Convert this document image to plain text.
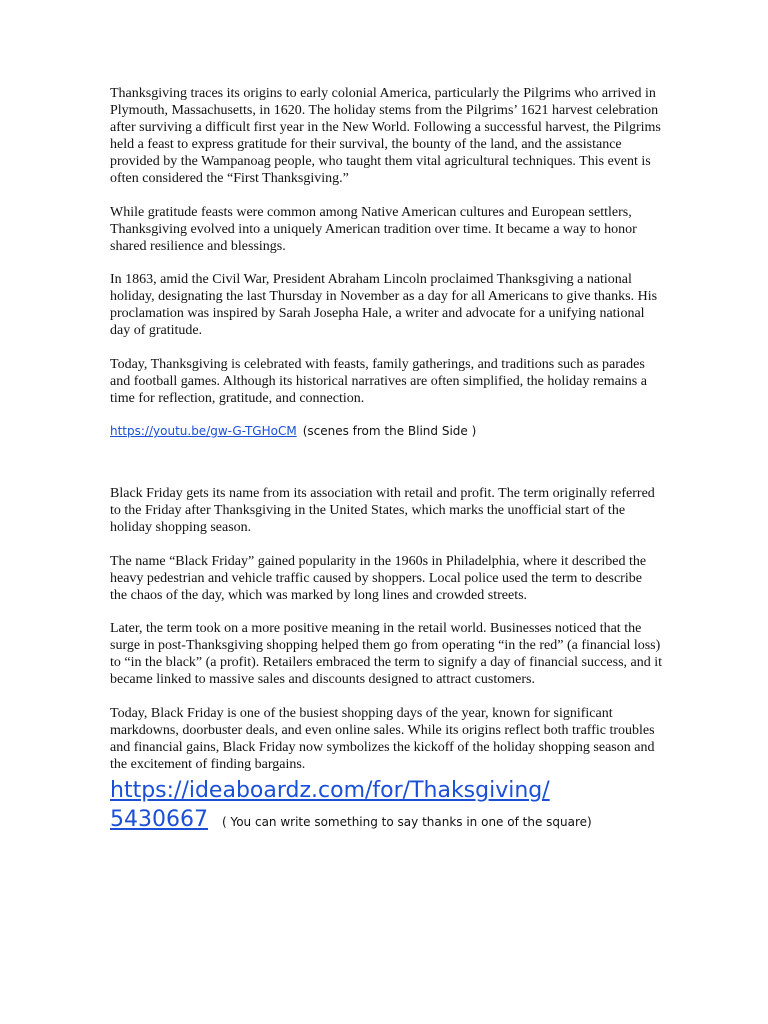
Thanksgiving traces its origins to early colonial America, particularly the Pilgrims who arrived in Plymouth, Massachusetts, in 1620. The holiday stems from the Pilgrims’ 1621 harvest celebration after surviving a difficult first year in the New World. Following a successful harvest, the Pilgrims held a feast to express gratitude for their survival, the bounty of the land, and the assistance provided by the Wampanoag people, who taught them vital agricultural techniques. This event is often considered the “First Thanksgiving.”

While gratitude feasts were common among Native American cultures and European settlers, Thanksgiving evolved into a uniquely American tradition over time. It became a way to honor shared resilience and blessings.

In 1863, amid the Civil War, President Abraham Lincoln proclaimed Thanksgiving a national holiday, designating the last Thursday in November as a day for all Americans to give thanks. His proclamation was inspired by Sarah Josepha Hale, a writer and advocate for a unifying national day of gratitude.

Today, Thanksgiving is celebrated with feasts, family gatherings, and traditions such as parades and football games. Although its historical narratives are often simplified, the holiday remains a time for reflection, gratitude, and connection.

https://youtu.be/gw-G-TGHoCM (scenes from the Blind Side )

Black Friday gets its name from its association with retail and profit. The term originally referred to the Friday after Thanksgiving in the United States, which marks the unofficial start of the holiday shopping season.

The name “Black Friday” gained popularity in the 1960s in Philadelphia, where it described the heavy pedestrian and vehicle traffic caused by shoppers. Local police used the term to describe the chaos of the day, which was marked by long lines and crowded streets.

Later, the term took on a more positive meaning in the retail world. Businesses noticed that the surge in post-Thanksgiving shopping helped them go from operating “in the red” (a financial loss) to “in the black” (a profit). Retailers embraced the term to signify a day of financial success, and it became linked to massive sales and discounts designed to attract customers.

Today, Black Friday is one of the busiest shopping days of the year, known for significant markdowns, doorbuster deals, and even online sales. While its origins reflect both traffic troubles and financial gains, Black Friday now symbolizes the kickoff of the holiday shopping season and the excitement of finding bargains.

https://ideaboardz.com/for/Thaksgiving/
5430667 ( You can write something to say thanks in one of the square)
